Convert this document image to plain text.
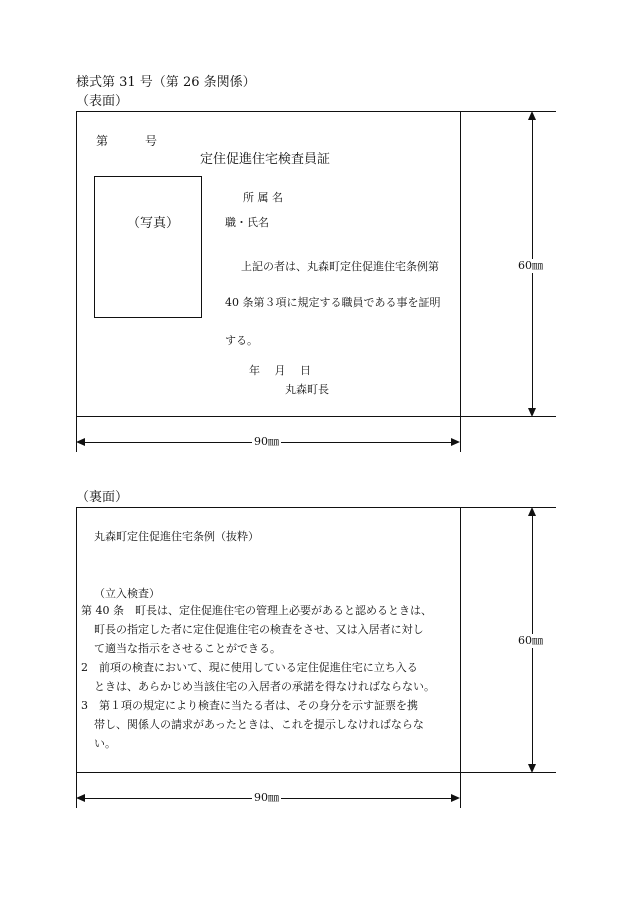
様式第 31 号（第 26 条関係）
（表面）
第	号
定住促進住宅検査員証
（写真）
所 属 名
職・氏名
上記の者は、丸森町定住促進住宅条例第
40 条第３項に規定する職員である事を証明
する。
年　 月　 日
丸森町長
60㎜
90㎜
（裏面）
丸森町定住促進住宅条例（抜粋）
（立入検査）
第 40 条　町長は、定住促進住宅の管理上必要があると認めるときは、
町長の指定した者に定住促進住宅の検査をさせ、又は入居者に対し
て適当な指示をさせることができる。
2　前項の検査において、現に使用している定住促進住宅に立ち入る
ときは、あらかじめ当該住宅の入居者の承諾を得なければならない。
3　第１項の規定により検査に当たる者は、その身分を示す証票を携
帯し、関係人の請求があったときは、これを提示しなければならな
い。
60㎜
90㎜
